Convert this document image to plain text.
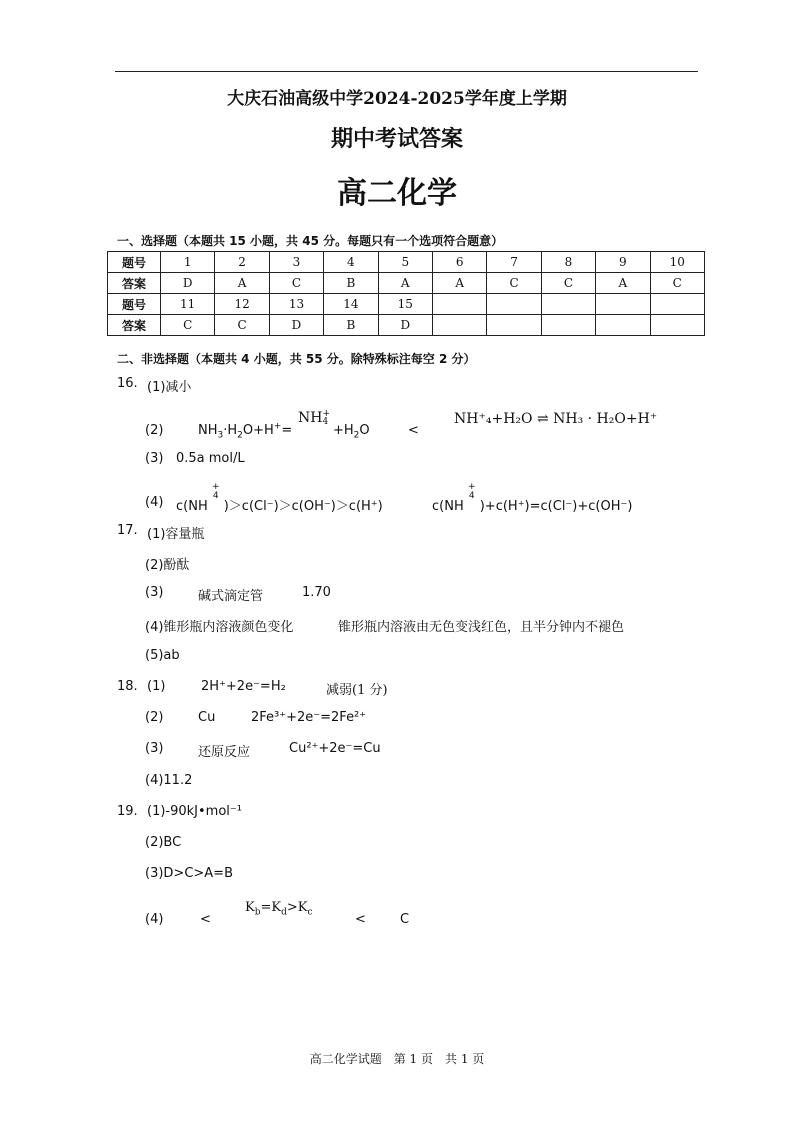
大庆石油高级中学2024-2025学年度上学期
期中考试答案
高二化学
一、选择题（本题共 15 小题，共 45 分。每题只有一个选项符合题意）
题号	1	2	3	4	5	6	7	8	9	10
答案	D	A	C	B	A	A	C	C	A	C
题号	11	12	13	14	15					
答案	C	C	D	B	D					
二、非选择题（本题共 4 小题，共 55 分。除特殊标注每空 2 分）
16. (1)减小
(2)	$NH_3\cdot H_2O+H^+=$
NH +
4
$+H_2O$	<
NH⁺₄+H₂O ⇌ NH₃ · H₂O+H⁺
(3) 0.5a mol/L
(4) c(NH
+
4
)＞c(Cl⁻)＞c(OH⁻)＞c(H⁺)	c(NH
+
4
)+c(H⁺)=c(Cl⁻)+c(OH⁻)
17. (1)容量瓶
(2)酚酞
(3)	碱式滴定管	1.70
(4)锥形瓶内溶液颜色变化	锥形瓶内溶液由无色变浅红色，且半分钟内不褪色
(5)ab
18. (1)	2H⁺+2e⁻=H₂	减弱(1 分)
(2)	Cu	2Fe³⁺+2e⁻=2Fe²⁺
(3)	还原反应	Cu²⁺+2e⁻=Cu
(4)11.2
19. (1)-90kJ•mol⁻¹
(2)BC
(3)D>C>A=B
(4)	<
$K_b=K_d>K_c$	<	C
高二化学试题　第 1 页　共 1 页
